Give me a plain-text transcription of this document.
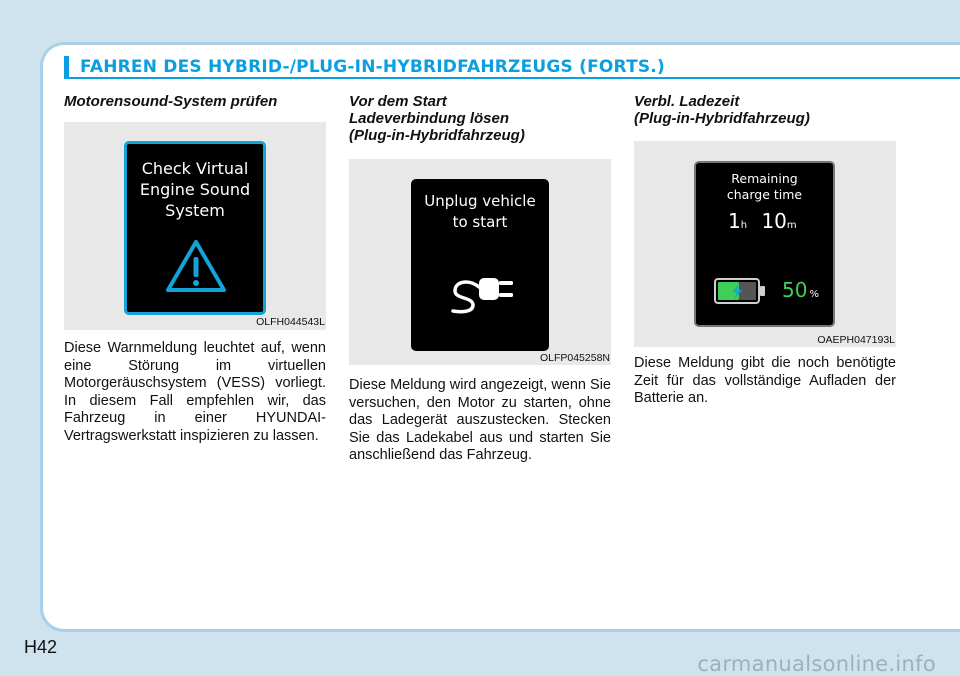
FAHREN DES HYBRID-/PLUG-IN-HYBRIDFAHRZEUGS (FORTS.)
Motorensound-System prüfen
Check Virtual
Engine Sound
System
OLFH044543L

Diese Warnmeldung leuchtet auf, wenn eine Störung im virtuellen Motorgeräuschsystem (VESS) vorliegt. In diesem Fall empfehlen wir, das Fahrzeug in einer HYUNDAI-Vertragswerkstatt inspizieren zu lassen.

Vor dem Start
Ladeverbindung lösen
(Plug-in-Hybridfahrzeug)
Unplug vehicle
to start
OLFP045258N

Diese Meldung wird angezeigt, wenn Sie versuchen, den Motor zu starten, ohne das Ladegerät auszustecken. Stecken Sie das Ladekabel aus und starten Sie anschließend das Fahrzeug.

Verbl. Ladezeit
(Plug-in-Hybridfahrzeug)
Remaining
charge time
1h 10m
50 %
OAEPH047193L

Diese Meldung gibt die noch benötigte Zeit für das vollständige Aufladen der Batterie an.

H42
carmanualsonline.info
